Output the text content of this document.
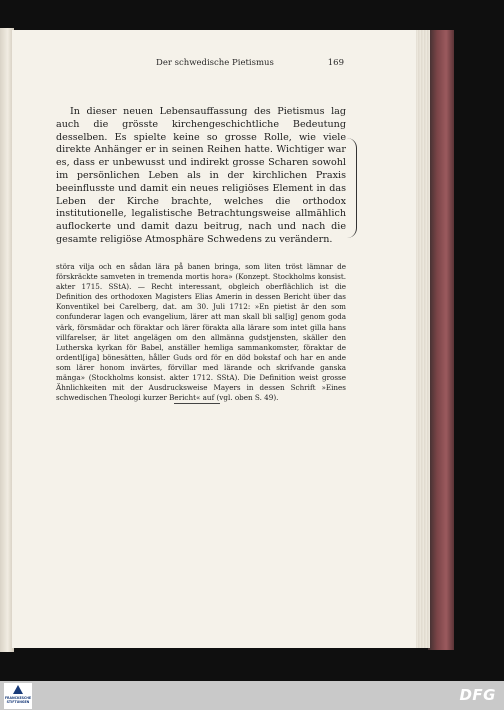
Der schwedische Pietismus	169

In dieser neuen Lebensauffassung des Pietismus lag auch die grösste kirchengeschichtliche Bedeutung desselben. Es spielte keine so grosse Rolle, wie viele direkte Anhänger er in seinen Reihen hatte. Wichtiger war es, dass er unbewusst und indirekt grosse Scharen sowohl im persönlichen Leben als in der kirchlichen Praxis beeinflusste und damit ein neues religiöses Element in das Leben der Kirche brachte, welches die orthodox institutionelle, legalistische Betrachtungsweise allmählich auflockerte und damit dazu beitrug, nach und nach die gesamte religiöse Atmosphäre Schwedens zu verändern.

störa vilja och en sådan lära på banen bringa, som liten tröst lämnar de förskräckte samveten in tremenda mortis hora» (Konzept. Stockholms konsist. akter 1715. SStA). — Recht interessant, obgleich oberflächlich ist die Definition des orthodoxen Magisters Elias Amerin in dessen Bericht über das Konventikel bei Carelberg, dat. am 30. Juli 1712: »En pietist är den som confunderar lagen och evangelium, lärer att man skall bli sal[ig] genom goda värk, försmädar och föraktar och lärer förakta alla lärare som intet gilla hans villfarelser, är litet angelägen om den allmänna gudstjensten, skäller den Lutherska kyrkan för Babel, anställer hemliga sammankomster, föraktar de ordentl[iga] bönesätten, håller Guds ord för en död bokstaf och har en ande som lärer honom invärtes, förvillar med lärande och skrifvande ganska mänga» (Stockholms konsist. akter 1712. SStA). Die Definition weist grosse Ähnlichkeiten mit der Ausdrucksweise Mayers in dessen Schrift »Eines schwedischen Theologi kurzer Bericht« auf (vgl. oben S. 49).

FRANCKESCHE STIFTUNGEN	DFG
